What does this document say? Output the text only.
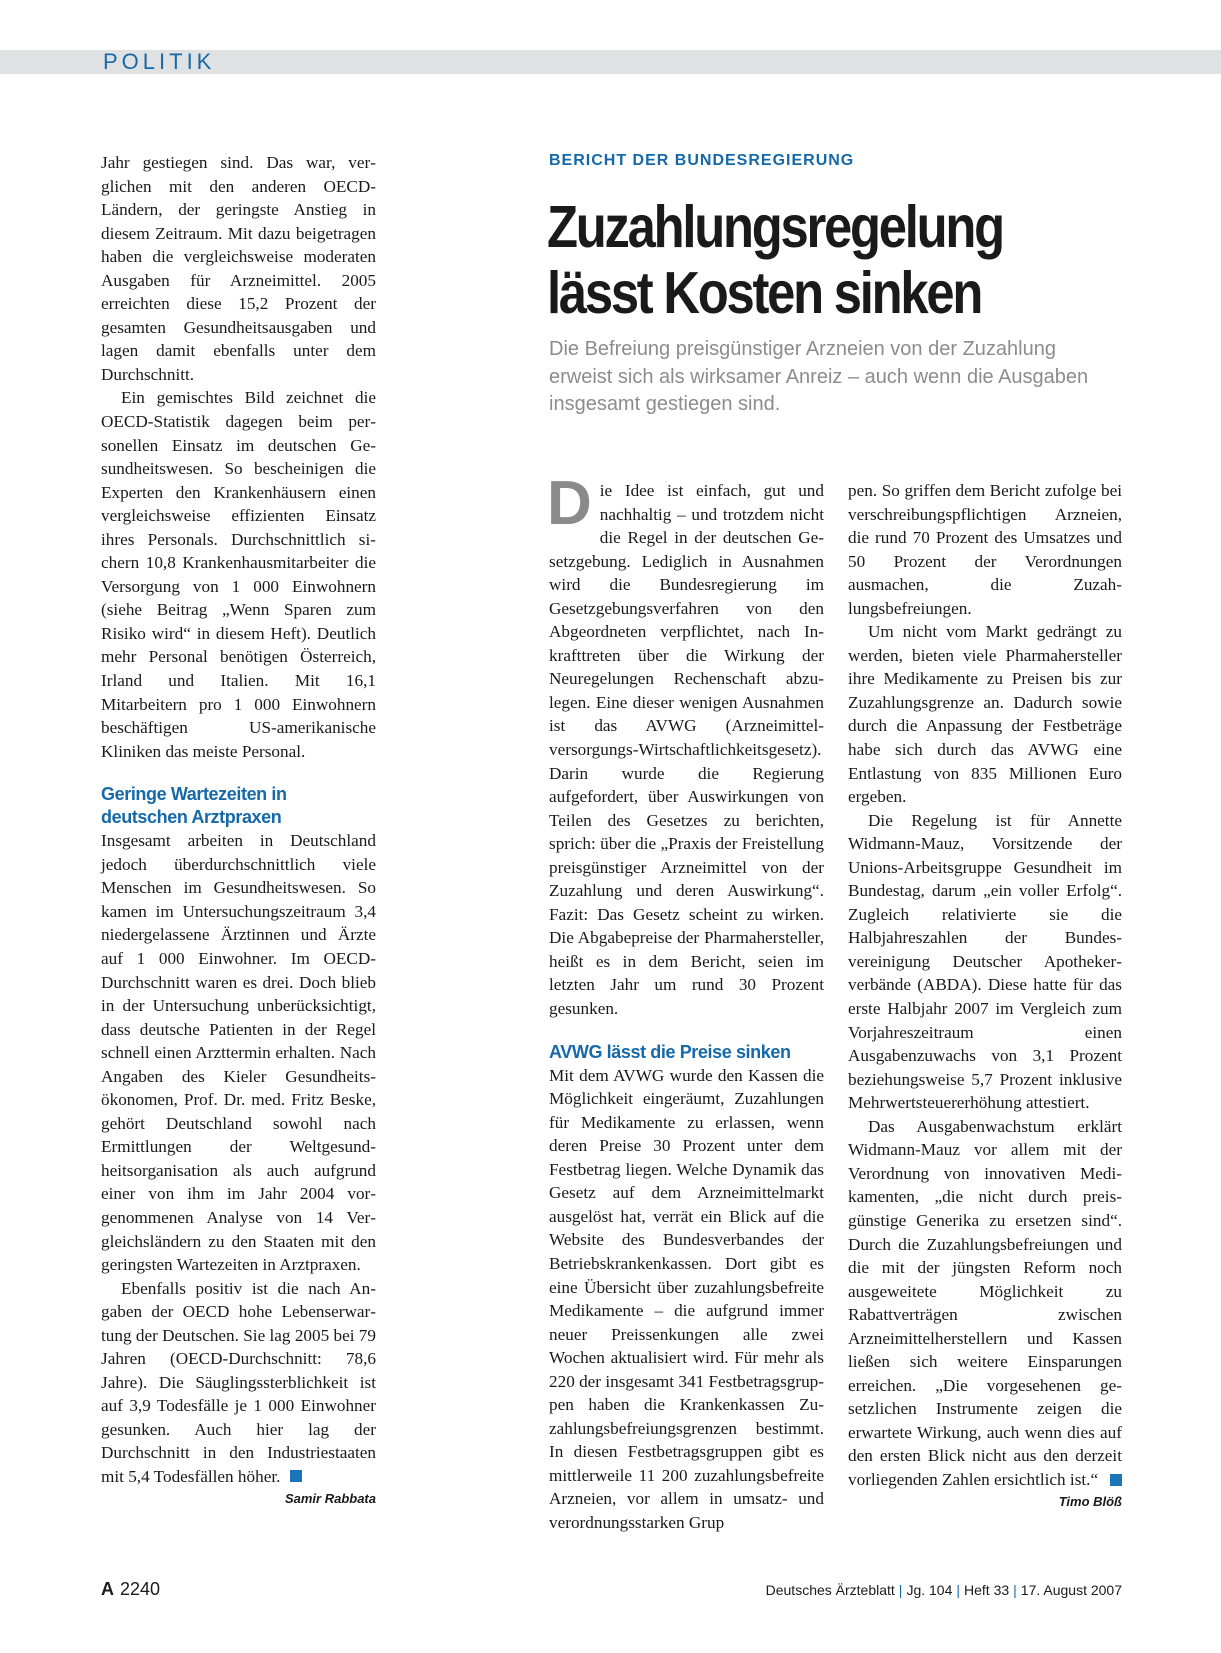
POLITIK

Jahr gestiegen sind. Das war, verglichen mit den anderen OECD-Ländern, der geringste Anstieg in diesem Zeitraum. Mit dazu beigetragen haben die vergleichsweise moderaten Ausgaben für Arzneimittel. 2005 erreichten diese 15,2 Prozent der gesamten Gesundheitsausgaben und lagen damit ebenfalls unter dem Durchschnitt.

Ein gemischtes Bild zeichnet die OECD-Statistik dagegen beim personellen Einsatz im deutschen Gesundheitswesen. So bescheinigen die Experten den Krankenhäusern einen vergleichsweise effizienten Einsatz ihres Personals. Durchschnittlich sichern 10,8 Krankenhausmitarbeiter die Versorgung von 1 000 Einwohnern (siehe Beitrag „Wenn Sparen zum Risiko wird“ in diesem Heft). Deutlich mehr Personal benötigen Österreich, Irland und Italien. Mit 16,1 Mitarbeitern pro 1 000 Einwohnern beschäftigen US-amerikanische Kliniken das meiste Personal.

Geringe Wartezeiten in deutschen Arztpraxen

Insgesamt arbeiten in Deutschland jedoch überdurchschnittlich viele Menschen im Gesundheitswesen. So kamen im Untersuchungszeitraum 3,4 niedergelassene Ärztinnen und Ärzte auf 1 000 Einwohner. Im OECD-Durchschnitt waren es drei. Doch blieb in der Untersuchung unberücksichtigt, dass deutsche Patienten in der Regel schnell einen Arzttermin erhalten. Nach Angaben des Kieler Gesundheitsökonomen, Prof. Dr. med. Fritz Beske, gehört Deutschland sowohl nach Ermittlungen der Weltgesundheitsorganisation als auch aufgrund einer von ihm im Jahr 2004 vorgenommenen Analyse von 14 Vergleichsländern zu den Staaten mit den geringsten Wartezeiten in Arztpraxen.

Ebenfalls positiv ist die nach Angaben der OECD hohe Lebenserwartung der Deutschen. Sie lag 2005 bei 79 Jahren (OECD-Durchschnitt: 78,6 Jahre). Die Säuglingssterblichkeit ist auf 3,9 Todesfälle je 1 000 Einwohner gesunken. Auch hier lag der Durchschnitt in den Industriestaaten mit 5,4 Todesfällen höher.

Samir Rabbata
BERICHT DER BUNDESREGIERUNG
Zuzahlungsregelung
lässt Kosten sinken
Die Befreiung preisgünstiger Arzneien von der Zuzahlung erweist sich als wirksamer Anreiz – auch wenn die Ausgaben insgesamt gestiegen sind.

Die Idee ist einfach, gut und nachhaltig – und trotzdem nicht die Regel in der deutschen Gesetzgebung. Lediglich in Ausnahmen wird die Bundesregierung im Gesetzgebungsverfahren von den Abgeordneten verpflichtet, nach Inkrafttreten über die Wirkung der Neuregelungen Rechenschaft abzulegen. Eine dieser wenigen Ausnahmen ist das AVWG (Arzneimittelversorgungs-Wirtschaftlichkeitsgesetz). Darin wurde die Regierung aufgefordert, über Auswirkungen von Teilen des Gesetzes zu berichten, sprich: über die „Praxis der Freistellung preisgünstiger Arzneimittel von der Zuzahlung und deren Auswirkung“. Fazit: Das Gesetz scheint zu wirken. Die Abgabepreise der Pharmahersteller, heißt es in dem Bericht, seien im letzten Jahr um rund 30 Prozent gesunken.

AVWG lässt die Preise sinken

Mit dem AVWG wurde den Kassen die Möglichkeit eingeräumt, Zuzahlungen für Medikamente zu erlassen, wenn deren Preise 30 Prozent unter dem Festbetrag liegen. Welche Dynamik das Gesetz auf dem Arzneimittelmarkt ausgelöst hat, verrät ein Blick auf die Website des Bundesverbandes der Betriebskrankenkassen. Dort gibt es eine Übersicht über zuzahlungsbefreite Medikamente – die aufgrund immer neuer Preissenkungen alle zwei Wochen aktualisiert wird. Für mehr als 220 der insgesamt 341 Festbetragsgruppen haben die Krankenkassen Zuzahlungsbefreiungsgrenzen bestimmt. In diesen Festbetragsgruppen gibt es mittlerweile 11 200 zuzahlungsbefreite Arzneien, vor allem in umsatz- und verordnungsstarken Grup

pen. So griffen dem Bericht zufolge bei verschreibungspflichtigen Arzneien, die rund 70 Prozent des Umsatzes und 50 Prozent der Verordnungen ausmachen, die Zuzahlungsbefreiungen.

Um nicht vom Markt gedrängt zu werden, bieten viele Pharmahersteller ihre Medikamente zu Preisen bis zur Zuzahlungsgrenze an. Dadurch sowie durch die Anpassung der Festbeträge habe sich durch das AVWG eine Entlastung von 835 Millionen Euro ergeben.

Die Regelung ist für Annette Widmann-Mauz, Vorsitzende der Unions-Arbeitsgruppe Gesundheit im Bundestag, darum „ein voller Erfolg“. Zugleich relativierte sie die Halbjahreszahlen der Bundesvereinigung Deutscher Apothekerverbände (ABDA). Diese hatte für das erste Halbjahr 2007 im Vergleich zum Vorjahreszeitraum einen Ausgabenzuwachs von 3,1 Prozent beziehungsweise 5,7 Prozent inklusive Mehrwertsteuererhöhung attestiert.

Das Ausgabenwachstum erklärt Widmann-Mauz vor allem mit der Verordnung von innovativen Medikamenten, „die nicht durch preisgünstige Generika zu ersetzen sind“. Durch die Zuzahlungsbefreiungen und die mit der jüngsten Reform noch ausgeweitete Möglichkeit zu Rabattverträgen zwischen Arzneimittelherstellern und Kassen ließen sich weitere Einsparungen erreichen. „Die vorgesehenen gesetzlichen Instrumente zeigen die erwartete Wirkung, auch wenn dies auf den ersten Blick nicht aus den derzeit vorliegenden Zahlen ersichtlich ist.“

Timo Blöß
A 2240	Deutsches Ärzteblatt | Jg. 104 | Heft 33 | 17. August 2007
